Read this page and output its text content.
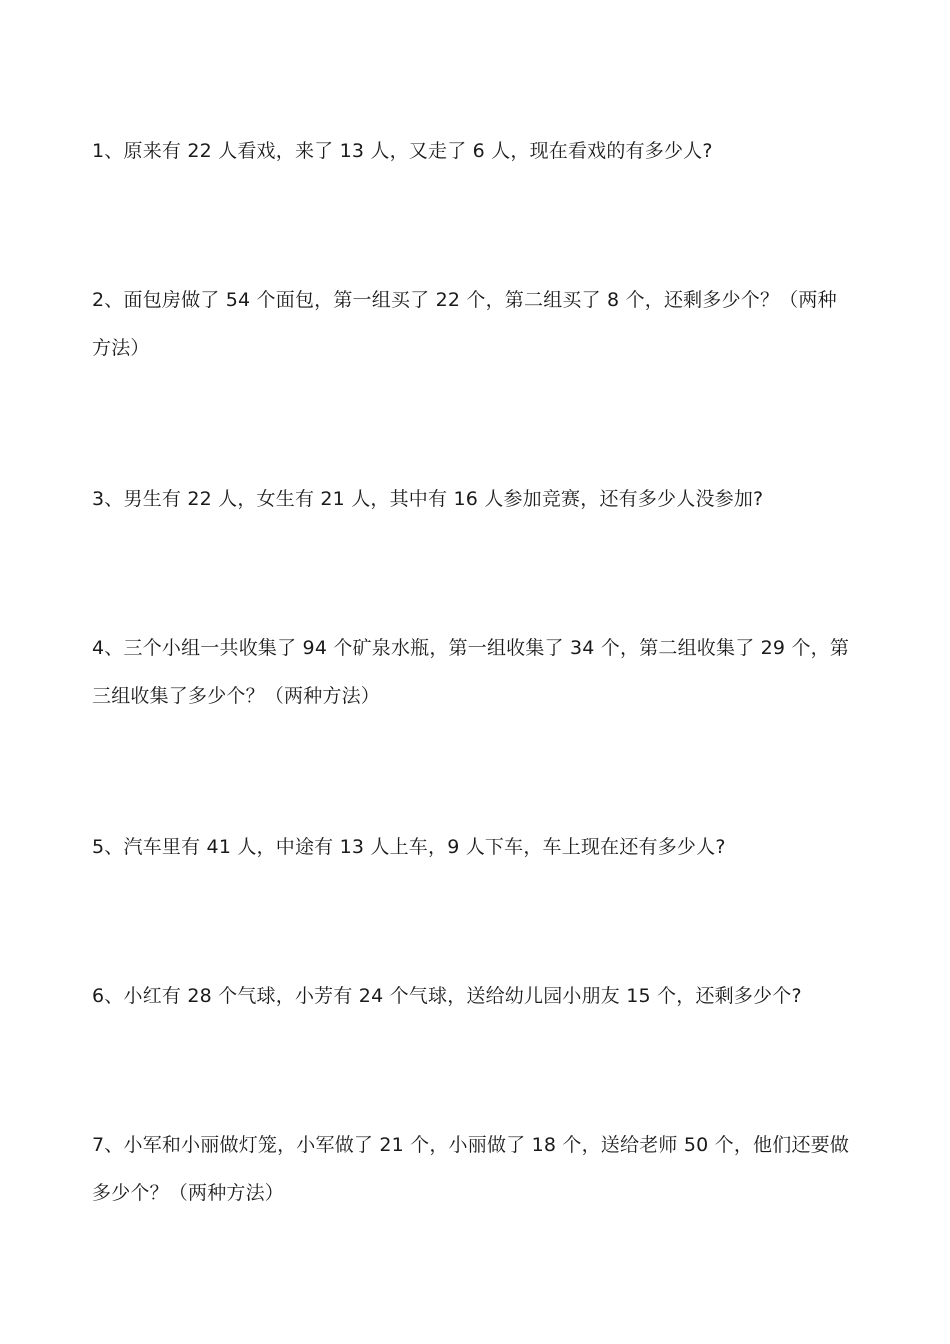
1、原来有 22 人看戏，来了 13 人，又走了 6 人，现在看戏的有多少人?

2、面包房做了 54 个面包，第一组买了 22 个，第二组买了 8 个，还剩多少个？（两种方法）

3、男生有 22 人，女生有 21 人，其中有 16 人参加竞赛，还有多少人没参加?

4、三个小组一共收集了 94 个矿泉水瓶，第一组收集了 34 个，第二组收集了 29 个，第三组收集了多少个？（两种方法）

5、汽车里有 41 人，中途有 13 人上车，9 人下车，车上现在还有多少人?

6、小红有 28 个气球，小芳有 24 个气球，送给幼儿园小朋友 15 个，还剩多少个?

7、小军和小丽做灯笼，小军做了 21 个，小丽做了 18 个，送给老师 50 个，他们还要做多少个？（两种方法）
